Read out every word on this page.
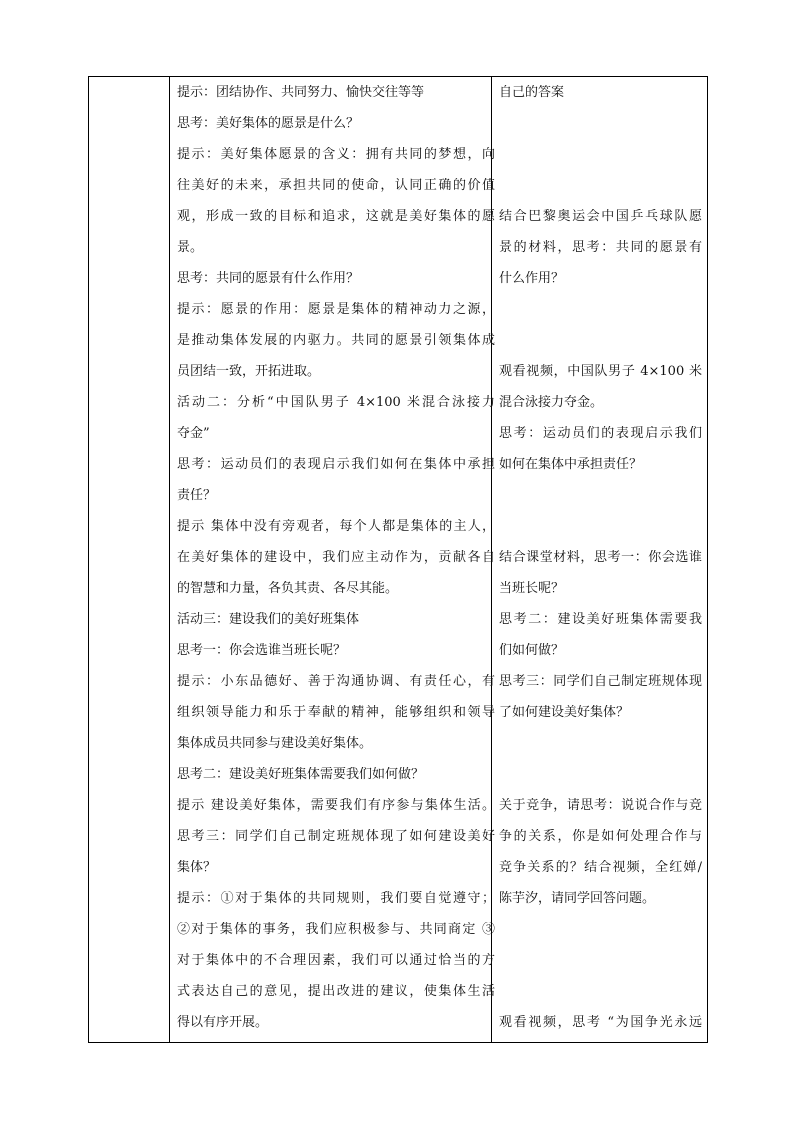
提示：团结协作、共同努力、愉快交往等等
思考：美好集体的愿景是什么？
提示：美好集体愿景的含义：拥有共同的梦想，向
往美好的未来，承担共同的使命，认同正确的价值
观，形成一致的目标和追求，这就是美好集体的愿
景。
思考：共同的愿景有什么作用？
提示：愿景的作用：愿景是集体的精神动力之源，
是推动集体发展的内驱力。共同的愿景引领集体成
员团结一致，开拓进取。
活动二：分析“中国队男子 4×100 米混合泳接力
夺金”
思考：运动员们的表现启示我们如何在集体中承担
责任？
提示 集体中没有旁观者，每个人都是集体的主人，
在美好集体的建设中，我们应主动作为，贡献各自
的智慧和力量，各负其责、各尽其能。
活动三：建设我们的美好班集体
思考一：你会选谁当班长呢？
提示：小东品德好、善于沟通协调、有责任心，有
组织领导能力和乐于奉献的精神，能够组织和领导
集体成员共同参与建设美好集体。
思考二：建设美好班集体需要我们如何做？
提示 建设美好集体，需要我们有序参与集体生活。
思考三：同学们自己制定班规体现了如何建设美好
集体？
提示：①对于集体的共同规则，我们要自觉遵守；
②对于集体的事务，我们应积极参与、共同商定 ③
对于集体中的不合理因素，我们可以通过恰当的方
式表达自己的意见，提出改进的建议，使集体生活
得以有序开展。
自己的答案
结合巴黎奥运会中国乒乓球队愿
景的材料，思考：共同的愿景有
什么作用？
观看视频，中国队男子 4×100 米
混合泳接力夺金。
思考：运动员们的表现启示我们
如何在集体中承担责任？
结合课堂材料，思考一：你会选谁
当班长呢？
思考二：建设美好班集体需要我
们如何做？
思考三：同学们自己制定班规体现
了如何建设美好集体？
关于竞争，请思考：说说合作与竞
争的关系，你是如何处理合作与
竞争关系的？结合视频，全红婵/
陈芋汐，请同学回答问题。
观看视频，思考 “为国争光永远
